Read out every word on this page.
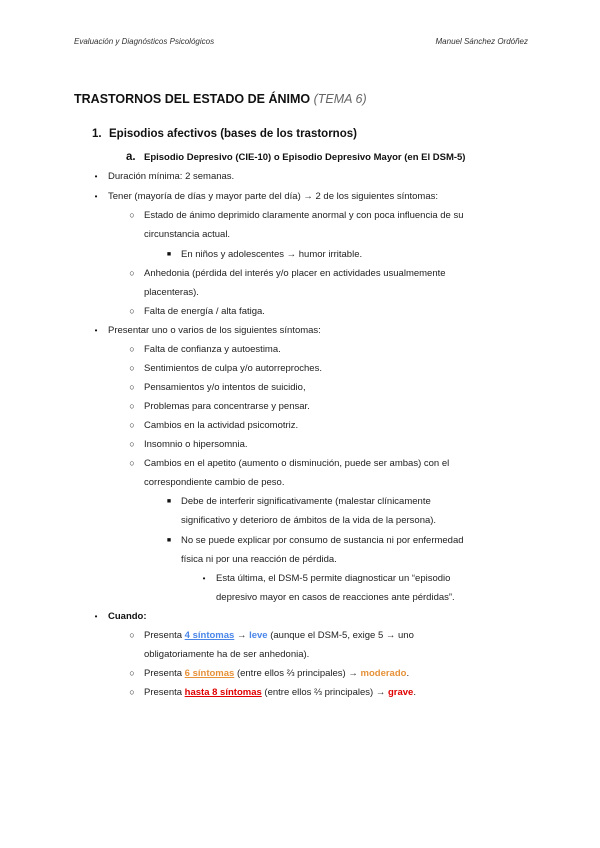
Evaluación y Diagnósticos Psicológicos	Manuel Sánchez Ordóñez
TRASTORNOS DEL ESTADO DE ÁNIMO (TEMA 6)
1. Episodios afectivos (bases de los trastornos)
a. Episodio Depresivo (CIE-10) o Episodio Depresivo Mayor (en El DSM-5)
•	Duración mínima: 2 semanas.
•	Tener (mayoría de días y mayor parte del día) → 2 de los siguientes síntomas:
○ Estado de ánimo deprimido claramente anormal y con poca influencia de su
circunstancia actual.
■	En niños y adolescentes → humor irritable.
○ Anhedonia (pérdida del interés y/o placer en actividades usualmemente
placenteras).
○ Falta de energía / alta fatiga.
•	Presentar uno o varios de los siguientes síntomas:
○ Falta de confianza y autoestima.
○ Sentimientos de culpa y/o autorreproches.
○ Pensamientos y/o intentos de suicidio,
○ Problemas para concentrarse y pensar.
○ Cambios en la actividad psicomotriz.
○ Insomnio o hipersomnia.
○ Cambios en el apetito (aumento o disminución, puede ser ambas) con el
correspondiente cambio de peso.
■	Debe de interferir significativamente (malestar clínicamente
significativo y deterioro de ámbitos de la vida de la persona).
■	No se puede explicar por consumo de sustancia ni por enfermedad
física ni por una reacción de pérdida.
•	Esta última, el DSM-5 permite diagnosticar un “episodio
depresivo mayor en casos de reacciones ante pérdidas”.
•	Cuando:
○ Presenta 4 síntomas → leve (aunque el DSM-5, exige 5 → uno
obligatoriamente ha de ser anhedonia).
○ Presenta 6 síntomas (entre ellos ⅔ principales) → moderado.
○ Presenta hasta 8 síntomas (entre ellos ⅔ principales) → grave.
